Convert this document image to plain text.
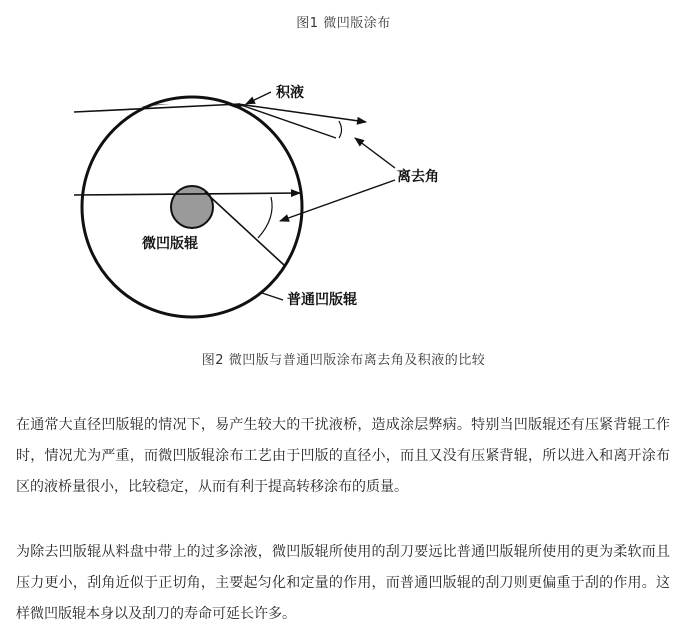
图1 微凹版涂布
积液
离去角
微凹版辊
普通凹版辊
图2 微凹版与普通凹版涂布离去角及积液的比较

在通常大直径凹版辊的情况下，易产生较大的干扰液桥，造成涂层弊病。特别当凹版辊还有压紧背辊工作时，情况尤为严重，而微凹版辊涂布工艺由于凹版的直径小，而且又没有压紧背辊，所以进入和离开涂布区的液桥量很小，比较稳定，从而有利于提高转移涂布的质量。

为除去凹版辊从料盘中带上的过多涂液，微凹版辊所使用的刮刀要远比普通凹版辊所使用的更为柔软而且压力更小，刮角近似于正切角，主要起匀化和定量的作用，而普通凹版辊的刮刀则更偏重于刮的作用。这样微凹版辊本身以及刮刀的寿命可延长许多。
